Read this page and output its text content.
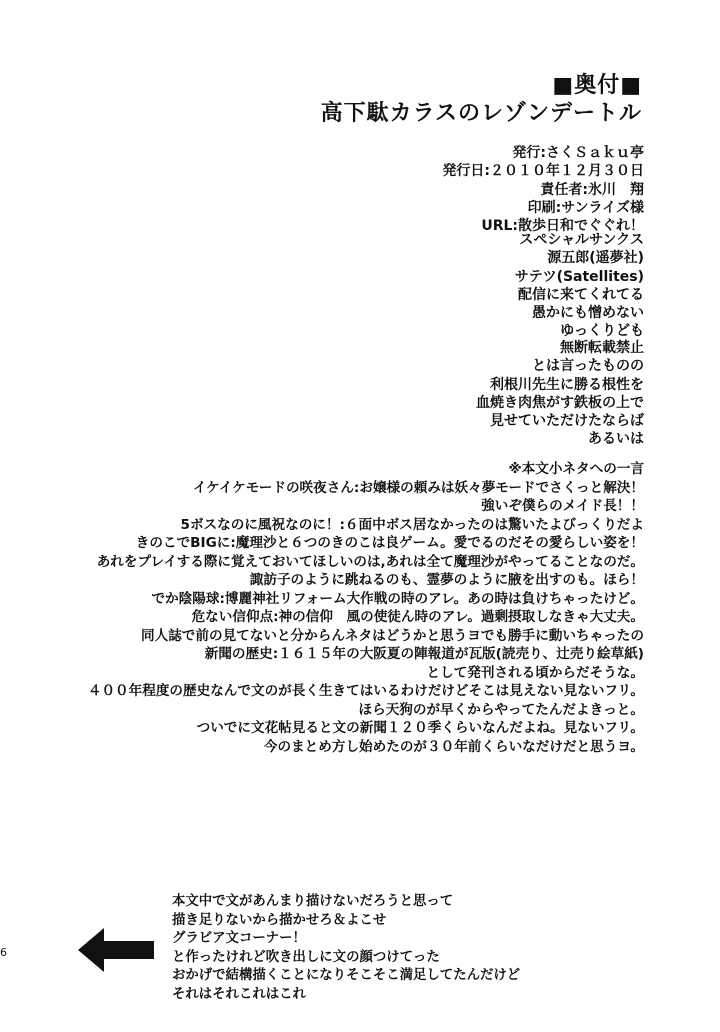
■奥付■
高下駄カラスのレゾンデートル
発行:さくＳａｋｕ亭
発行日:２０１０年１２月３０日
責任者:氷川　翔
印刷:サンライズ様
URL:散歩日和でぐぐれ！
スペシャルサンクス
源五郎(遥夢社)
サテツ(Satellites)
配信に来てくれてる
愚かにも憎めない
ゆっくりども
無断転載禁止
とは言ったものの
利根川先生に勝る根性を
血焼き肉焦がす鉄板の上で
見せていただけたならば
あるいは
※本文小ネタへの一言
イケイケモードの咲夜さん:お嬢様の頼みは妖々夢モードでさくっと解決！
強いぞ僕らのメイド長！！
5ボスなのに風祝なのに！:６面中ボス居なかったのは驚いたよびっくりだよ
きのこでBIGに:魔理沙と６つのきのこは良ゲーム。愛でるのだその愛らしい姿を！
あれをプレイする際に覚えておいてほしいのは,あれは全て魔理沙がやってることなのだ。
諏訪子のように跳ねるのも、霊夢のように腋を出すのも。ほら！
でか陰陽球:博麗神社リフォーム大作戦の時のアレ。あの時は負けちゃったけど。
危ない信仰点:神の信仰　風の使徒ん時のアレ。過剰摂取しなきゃ大丈夫。
同人誌で前の見てないと分からんネタはどうかと思うヨでも勝手に動いちゃったの
新聞の歴史:１６１５年の大阪夏の陣報道が瓦版(読売り、辻売り絵草紙)
として発刊される頃からだそうな。
４００年程度の歴史なんで文のが長く生きてはいるわけだけどそこは見えない見ないフリ。
ほら天狗のが早くからやってたんだよきっと。
ついでに文花帖見ると文の新聞１２０季くらいなんだよね。見ないフリ。
今のまとめ方し始めたのが３０年前くらいなだけだと思うヨ。
本文中で文があんまり描けないだろうと思って
描き足りないから描かせろ＆よこせ
グラビア文コーナー！
と作ったけれど吹き出しに文の顔つけてった
おかげで結構描くことになりそこそこ満足してたんだけど
それはそれこれはこれ
6
